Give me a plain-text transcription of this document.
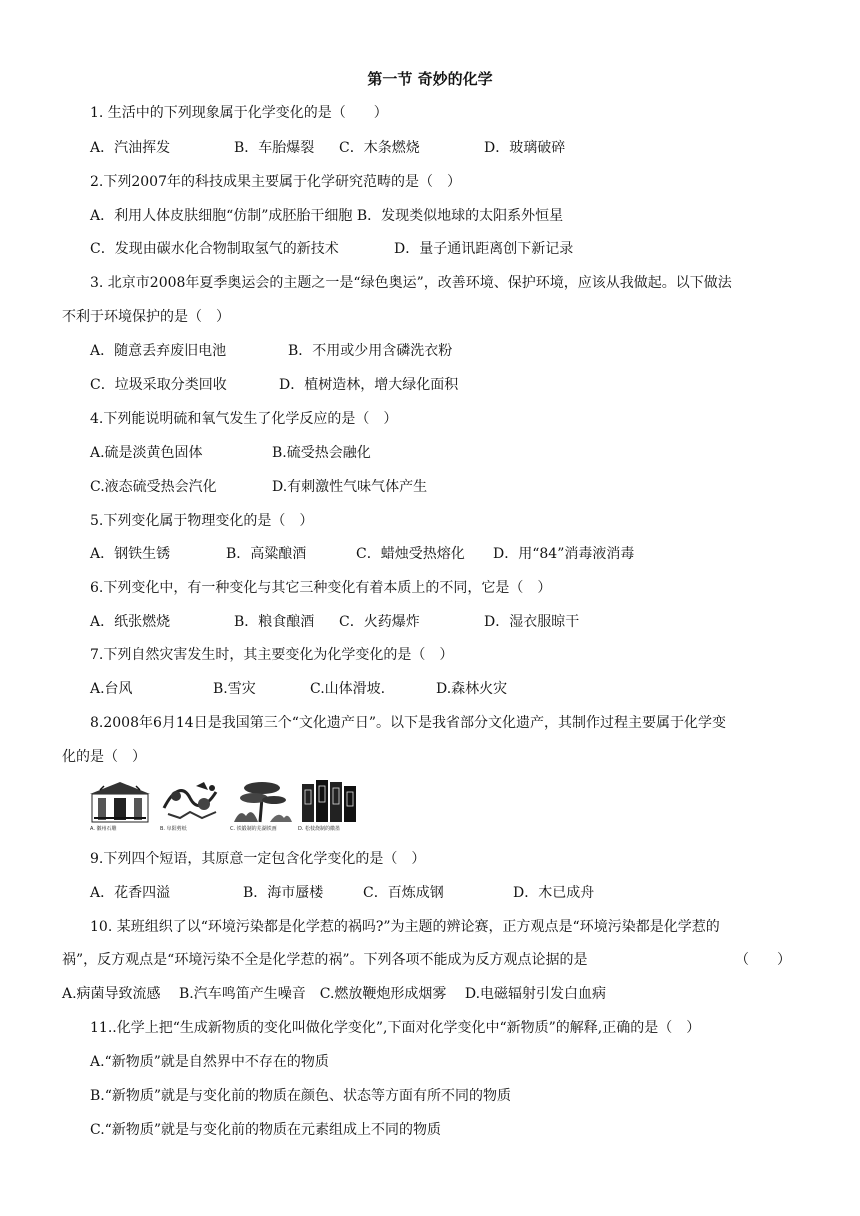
第一节 奇妙的化学
1. 生活中的下列现象属于化学变化的是（　　）
A．汽油挥发	B．车胎爆裂 C．木条燃烧	D．玻璃破碎
2.下列2007年的科技成果主要属于化学研究范畴的是（　）
A．利用人体皮肤细胞“仿制”成胚胎干细胞 B．发现类似地球的太阳系外恒星
C．发现由碳水化合物制取氢气的新技术	D．量子通讯距离创下新记录
3. 北京市2008年夏季奥运会的主题之一是“绿色奥运”，改善环境、保护环境，应该从我做起。以下做法
不利于环境保护的是（　）
A．随意丢弃废旧电池	B．不用或少用含磷洗衣粉
C．垃圾采取分类回收	D．植树造林，增大绿化面积
4.下列能说明硫和氧气发生了化学反应的是（　）
A.硫是淡黄色固体	B.硫受热会融化
C.液态硫受热会汽化	D.有刺激性气味气体产生
5.下列变化属于物理变化的是（　）
A．钢铁生锈	B．高粱酿酒	C．蜡烛受热熔化 D．用“84”消毒液消毒
6.下列变化中，有一种变化与其它三种变化有着本质上的不同，它是（　）
A．纸张燃烧	B．粮食酿酒 C．火药爆炸	D．湿衣服晾干
7.下列自然灾害发生时，其主要变化为化学变化的是（　）
A.台风	B.雪灾	C.山体滑坡.	D.森林火灾
8.2008年6月14日是我国第三个“文化遗产日”。以下是我省部分文化遗产，其制作过程主要属于化学变
化的是（　）
A. 徽州石雕	B. 阜阳剪纸	C. 铁锻制的芜湖铁画	D. 松枝烧制的徽墨
9.下列四个短语，其原意一定包含化学变化的是（　）
A．花香四溢	B．海市蜃楼	C．百炼成钢	D．木已成舟
10. 某班组织了以“环境污染都是化学惹的祸吗?”为主题的辨论赛，正方观点是“环境污染都是化学惹的
祸”，反方观点是“环境污染不全是化学惹的祸”。下列各项不能成为反方观点论据的是	（　　）
A.病菌导致流感　 B.汽车鸣笛产生噪音　C.燃放鞭炮形成烟雾　 D.电磁辐射引发白血病
11..化学上把“生成新物质的变化叫做化学变化”,下面对化学变化中“新物质”的解释,正确的是（　）
A.“新物质”就是自然界中不存在的物质
B.“新物质”就是与变化前的物质在颜色、状态等方面有所不同的物质
C.“新物质”就是与变化前的物质在元素组成上不同的物质
